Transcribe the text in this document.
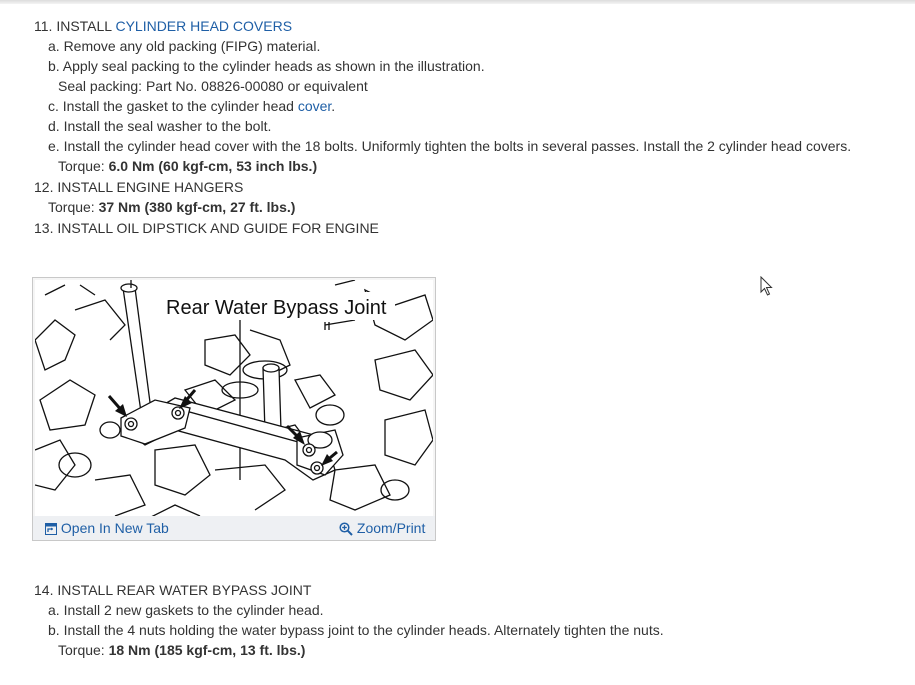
11. INSTALL CYLINDER HEAD COVERS
a. Remove any old packing (FIPG) material.
b. Apply seal packing to the cylinder heads as shown in the illustration.
Seal packing: Part No. 08826-00080 or equivalent
c. Install the gasket to the cylinder head cover.
d. Install the seal washer to the bolt.
e. Install the cylinder head cover with the 18 bolts. Uniformly tighten the bolts in several passes. Install the 2 cylinder head covers.
Torque: 6.0 Nm (60 kgf-cm, 53 inch lbs.)
12. INSTALL ENGINE HANGERS
Torque: 37 Nm (380 kgf-cm, 27 ft. lbs.)
13. INSTALL OIL DIPSTICK AND GUIDE FOR ENGINE
Rear Water Bypass Joint
Open In New Tab	Zoom/Print
14. INSTALL REAR WATER BYPASS JOINT
a. Install 2 new gaskets to the cylinder head.
b. Install the 4 nuts holding the water bypass joint to the cylinder heads. Alternately tighten the nuts.
Torque: 18 Nm (185 kgf-cm, 13 ft. lbs.)
